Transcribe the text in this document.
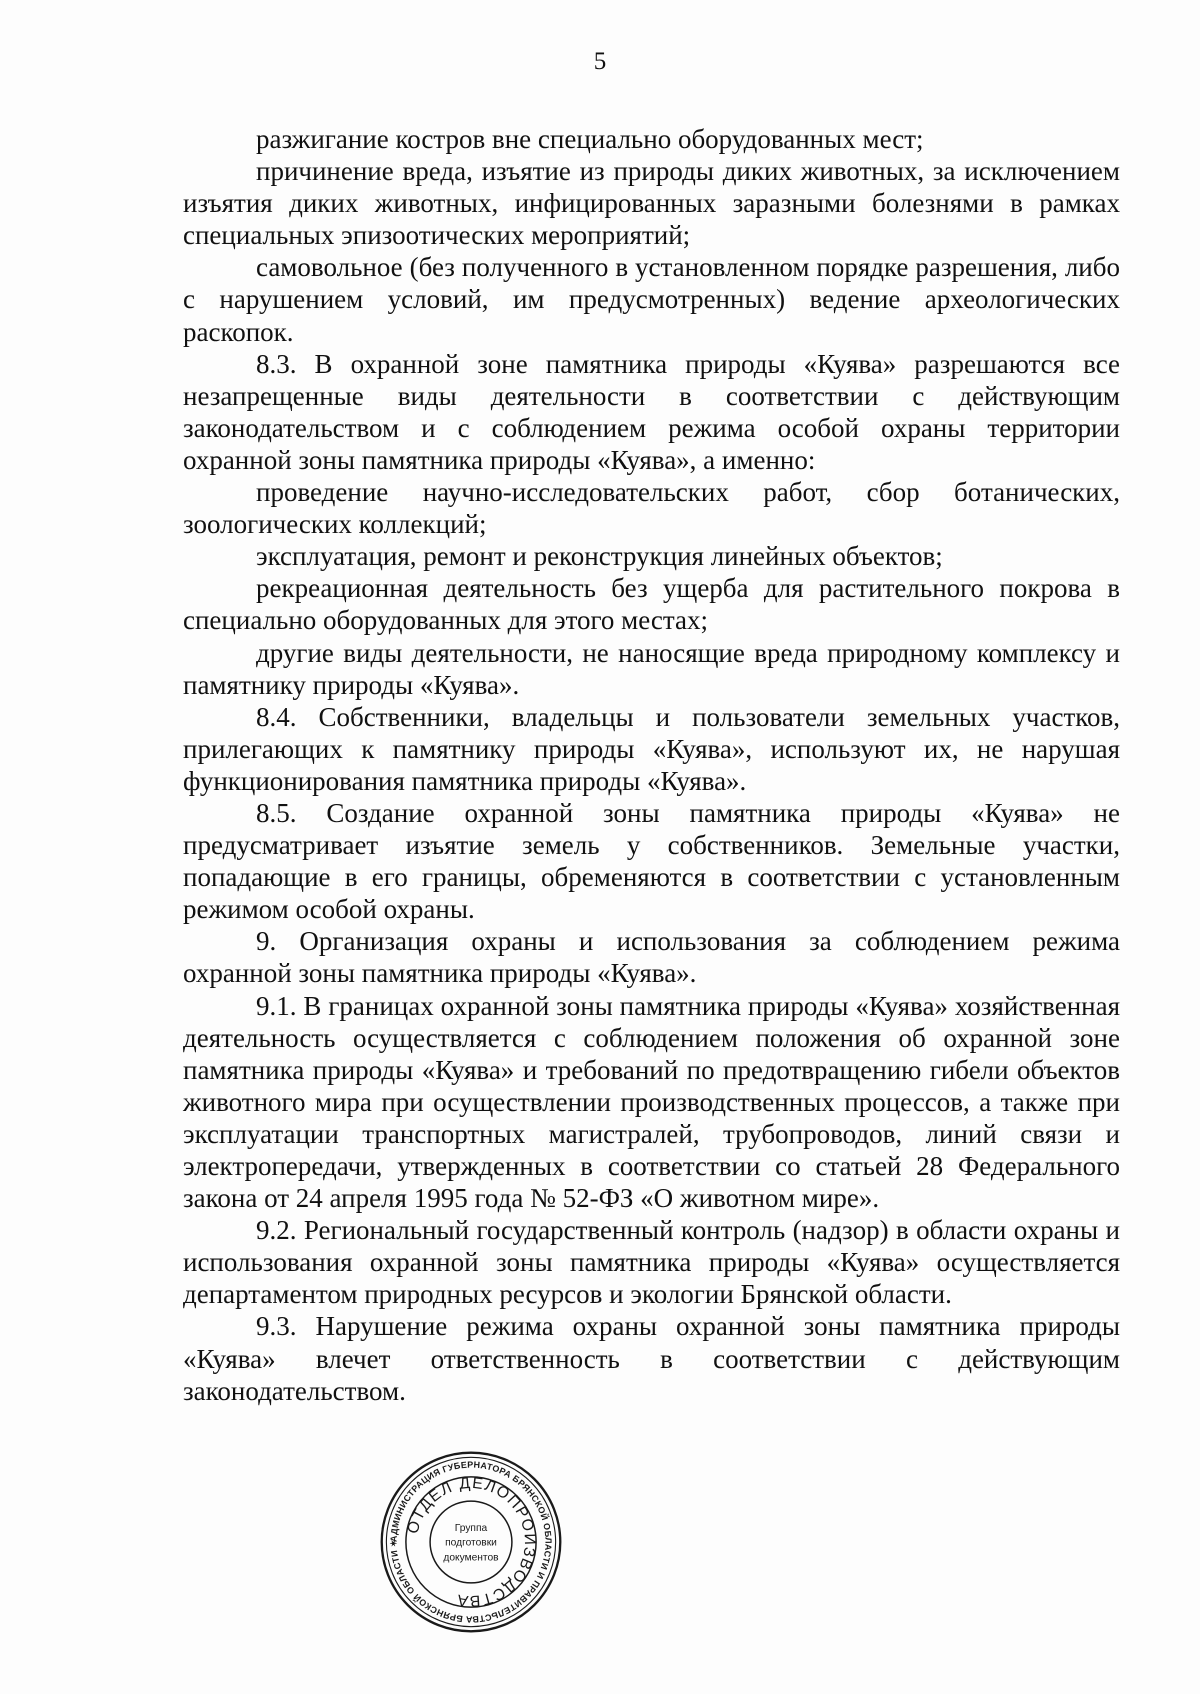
5

разжигание костров вне специально оборудованных мест;

причинение вреда, изъятие из природы диких животных, за исключением изъятия диких животных, инфицированных заразными болезнями в рамках специальных эпизоотических мероприятий;

самовольное (без полученного в установленном порядке разрешения, либо с нарушением условий, им предусмотренных) ведение археологических раскопок.

8.3. В охранной зоне памятника природы «Куява» разрешаются все незапрещенные виды деятельности в соответствии с действующим законодательством и с соблюдением режима особой охраны территории охранной зоны памятника природы «Куява», а именно:

проведение научно-исследовательских работ, сбор ботанических, зоологических коллекций;

эксплуатация, ремонт и реконструкция линейных объектов;

рекреационная деятельность без ущерба для растительного покрова в специально оборудованных для этого местах;

другие виды деятельности, не наносящие вреда природному комплексу и памятнику природы «Куява».

8.4. Собственники, владельцы и пользователи земельных участков, прилегающих к памятнику природы «Куява», используют их, не нарушая функционирования памятника природы «Куява».

8.5. Создание охранной зоны памятника природы «Куява» не предусматривает изъятие земель у собственников. Земельные участки, попадающие в его границы, обременяются в соответствии с установленным режимом особой охраны.

9. Организация охраны и использования за соблюдением режима охранной зоны памятника природы «Куява».

9.1. В границах охранной зоны памятника природы «Куява» хозяйственная деятельность осуществляется с соблюдением положения об охранной зоне памятника природы «Куява» и требований по предотвращению гибели объектов животного мира при осуществлении производственных процессов, а также при эксплуатации транспортных магистралей, трубопроводов, линий связи и электропередачи, утвержденных в соответствии со статьей 28 Федерального закона от 24 апреля 1995 года № 52-ФЗ «О животном мире».

9.2. Региональный государственный контроль (надзор) в области охраны и использования охранной зоны памятника природы «Куява» осуществляется департаментом природных ресурсов и экологии Брянской области.

9.3. Нарушение режима охраны охранной зоны памятника природы «Куява» влечет ответственность в соответствии с действующим законодательством.

АДМИНИСТРАЦИЯ ГУБЕРНАТОРА БРЯНСКОЙ ОБЛАСТИ И ПРАВИТЕЛЬСТВА БРЯНСКОЙ ОБЛАСТИ ✶
ОТДЕЛ ДЕЛОПРОИЗВОДСТВА
Группа
подготовки
документов
